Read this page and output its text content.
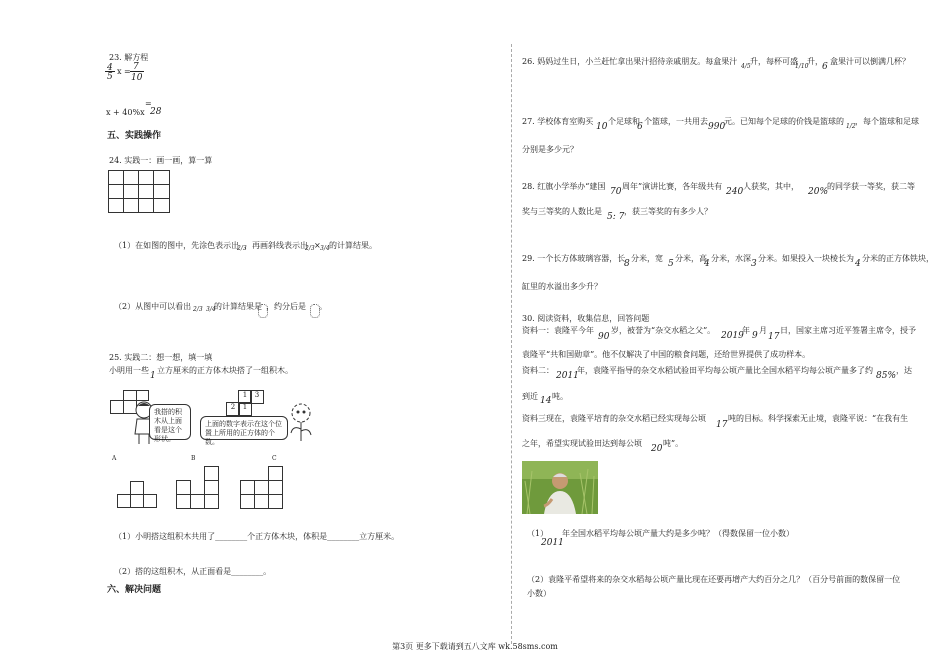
23. 解方程
4
5
x = 7
10
x + 40%x
=
28
五、实践操作
24. 实践一：画一画，算一算
（1）在如图的图中，先涂色表示出
2/3
，再画斜线表示出
2/3 × 3/4 的计算结果。
（2）从图中可以看出 2/3 3/4
的计算结果是 ，约分后是 。
25. 实践二：想一想，填一填
小明用一些
1
立方厘米的正方体木块搭了一组积木。
我搭的积木从上面看是这个形状。
2	1
1	3
上面的数字表示在这个位置上所用的正方体的个数。
A	B	C
（1）小明搭这组积木共用了________个正方体木块，体积是________立方厘米。
（2）搭的这组积木，从正面看是________。
六、解决问题
26. 妈妈过生日，小兰赶忙拿出果汁招待亲戚朋友。每盒果汁
4/5
升，每杯可盛
1/10
升，
6
盒果汁可以倒满几杯？
27. 学校体育室购买
10
个足球和
6
个篮球，一共用去
990
元。已知每个足球的价钱是篮球的
1/2
，每个篮球和足球
分别是多少元？
28. 红旗小学举办“建国
70
周年”演讲比赛，各年级共有
240
人获奖，其中，
20%
的同学获一等奖，获二等
奖与三等奖的人数比是
5: 7
，获三等奖的有多少人？
29. 一个长方体玻璃容器，长
8
分米，宽
5
分米，高
4
分米，水深
3
分米。如果投入一块棱长为
4
分米的正方体铁块，
缸里的水溢出多少升？
30. 阅读资料，收集信息，回答问题
资料一：袁隆平今年
90
岁，被誉为“杂交水稻之父”。
2019
年
9
月
17
日，国家主席习近平签署主席令，授予
袁隆平“共和国勋章”。他不仅解决了中国的粮食问题，还给世界提供了成功样本。
资料二：
2011
年，袁隆平指导的杂交水稻试验田平均每公顷产量比全国水稻平均每公顷产量多了约
85%
，达
到近 14 吨。
资料三现在，袁隆平培育的杂交水稻已经实现每公顷
17
吨的目标。科学探索无止境，袁隆平说：“在我有生
之年，希望实现试验田达到每公顷
20
吨”。
（1）
2011
年全国水稻平均每公顷产量大约是多少吨？（得数保留一位小数）
（2）袁隆平希望将来的杂交水稻每公顷产量比现在还要再增产大约百分之几？（百分号前面的数保留一位
小数）
第3页 更多下载请到五八文库 wk.58sms.com
